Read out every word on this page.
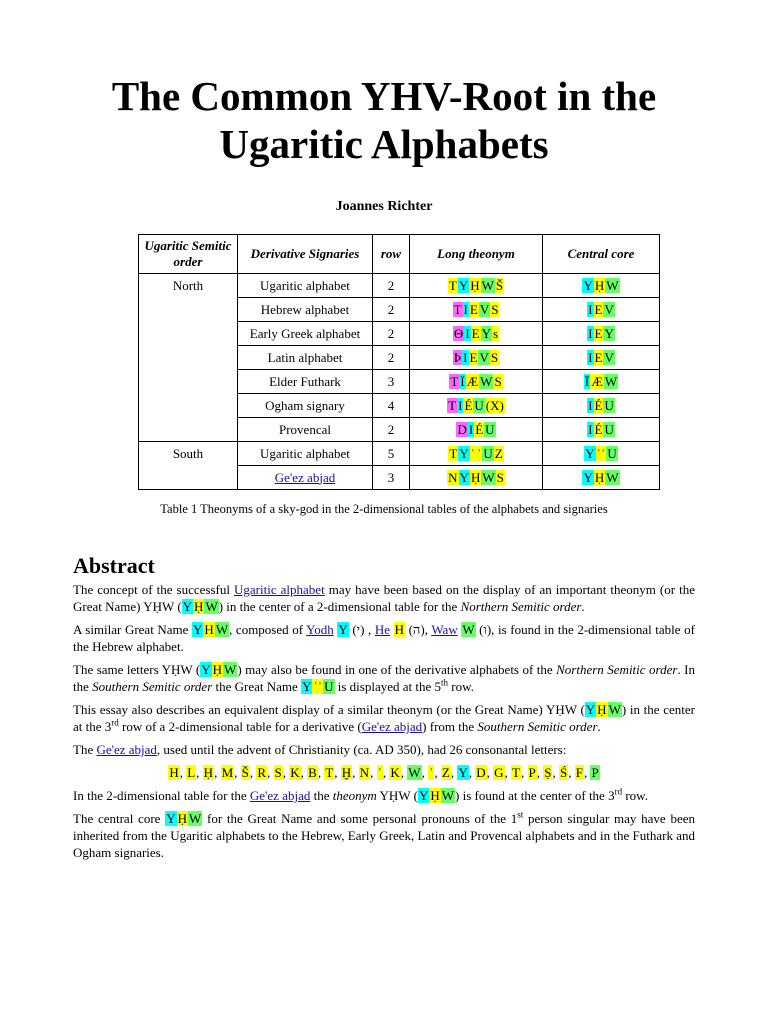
The Common YHV-Root in the Ugaritic Alphabets

Joannes Richter

Ugaritic Semitic order	Derivative Signaries	row	Long theonym	Central core
North	Ugaritic alphabet	2	T Y Ḥ W Š	Y Ḥ W
	Hebrew alphabet	2	T I E V S	I E V
	Early Greek alphabet	2	Θ I E Y s	I E Y
	Latin alphabet	2	Þ I E V S	I E V
	Elder Futhark	3	T Ï Æ W S	Ï Æ W
	Ogham signary	4	T I É U (X)	I É U
	Provencal	2	D I É U	I É U
South	Ugaritic alphabet	5	T Y ʿ ʾ U Z	Y ʿʾ U
	Ge'ez abjad	3	N Y Ḥ W S	Y Ḥ W

Table 1 Theonyms of a sky-god in the 2-dimensional tables of the alphabets and signaries

Abstract

The concept of the successful Ugaritic alphabet may have been based on the display of an important theonym (or the Great Name) YḤW (Y Ḥ W) in the center of a 2-dimensional table for the Northern Semitic order.

A similar Great Name Y H W, composed of Yodh Y (י) , He H (ה), Waw W (ו), is found in the 2-dimensional table of the Hebrew alphabet.

The same letters YḤW (Y Ḥ W) may also be found in one of the derivative alphabets of the Northern Semitic order. In the Southern Semitic order the Great Name Y ʿʾ U is displayed at the 5th row.

This essay also describes an equivalent display of a similar theonym (or the Great Name) YḤW (Y Ḥ W) in the center at the 3rd row of a 2-dimensional table for a derivative (Ge'ez abjad) from the Southern Semitic order.

The Ge'ez abjad, used until the advent of Christianity (ca. AD 350), had 26 consonantal letters:

H, L, Ḥ, M, Š, R, S, K, B, T, Ḫ, N, ʾ, K, W, ʿ, Z, Y, D, G, T, P, Ṣ, Ś, F, P

In the 2-dimensional table for the Ge'ez abjad the theonym YḤW (Y Ḥ W) is found at the center of the 3rd row.

The central core Y Ḥ W for the Great Name and some personal pronouns of the 1st person singular may have been inherited from the Ugaritic alphabets to the Hebrew, Early Greek, Latin and Provencal alphabets and in the Futhark and Ogham signaries.
